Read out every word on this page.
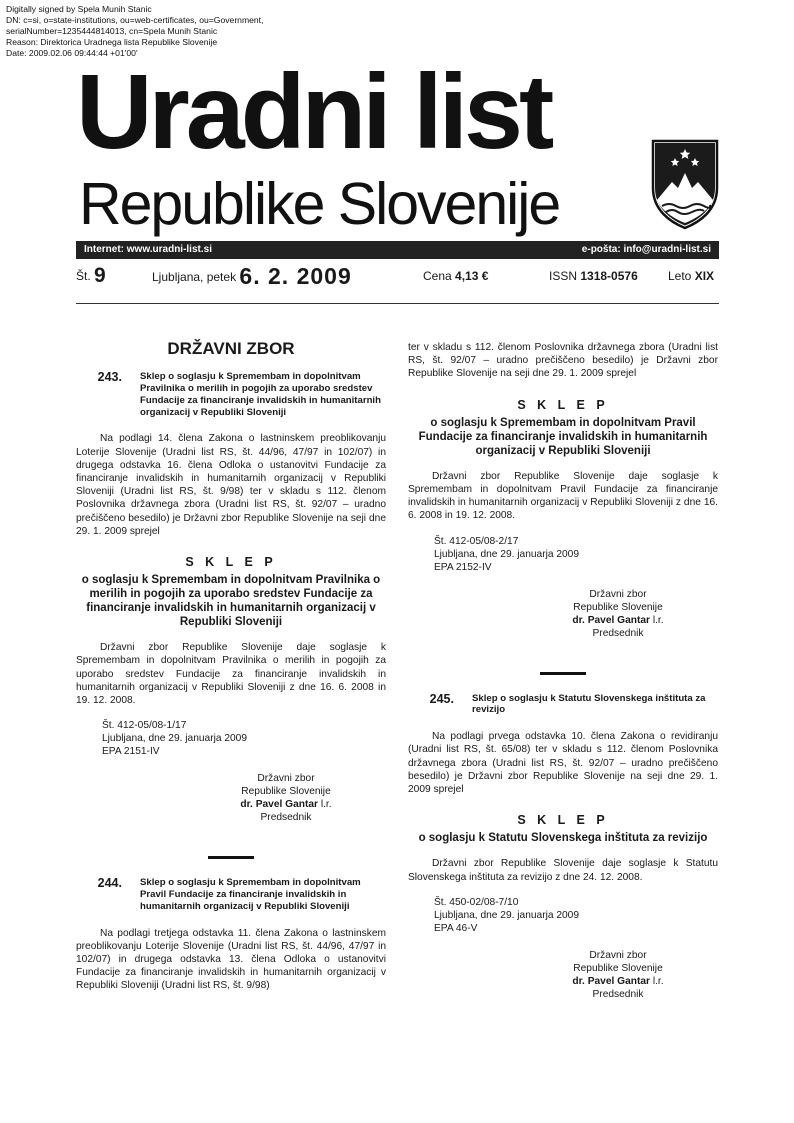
Digitally signed by Spela Munih Stanic
DN: c=si, o=state-institutions, ou=web-certificates, ou=Government,
serialNumber=1235444814013, cn=Spela Munih Stanic
Reason: Direktorica Uradnega lista Republike Slovenije
Date: 2009.02.06 09:44:44 +01'00'
Uradni list
Republike Slovenije
Internet: www.uradni-list.si	e-pošta: info@uradni-list.si
Št. 9	Ljubljana, petek 6. 2. 2009	Cena 4,13 €	ISSN 1318-0576	Leto XIX
DRŽAVNI ZBOR
243.	Sklep o soglasju k Spremembam in dopolnitvam Pravilnika o merilih in pogojih za uporabo sredstev Fundacije za financiranje invalidskih in humanitarnih organizacij v Republiki Sloveniji

Na podlagi 14. člena Zakona o lastninskem preoblikovanju Loterije Slovenije (Uradni list RS, št. 44/96, 47/97 in 102/07) in drugega odstavka 16. člena Odloka o ustanovitvi Fundacije za financiranje invalidskih in humanitarnih organizacij v Republiki Sloveniji (Uradni list RS, št. 9/98) ter v skladu s 112. členom Poslovnika državnega zbora (Uradni list RS, št. 92/07 – uradno prečiščeno besedilo) je Državni zbor Republike Slovenije na seji dne 29. 1. 2009 sprejel

S K L E P
o soglasju k Spremembam in dopolnitvam Pravilnika o merilih in pogojih za uporabo sredstev Fundacije za financiranje invalidskih in humanitarnih organizacij v Republiki Sloveniji

Državni zbor Republike Slovenije daje soglasje k Spremembam in dopolnitvam Pravilnika o merilih in pogojih za uporabo sredstev Fundacije za financiranje invalidskih in humanitarnih organizacij v Republiki Sloveniji z dne 16. 6. 2008 in 19. 12. 2008.

Št. 412-05/08-1/17
Ljubljana, dne 29. januarja 2009
EPA 2151-IV
Državni zbor
Republike Slovenije
dr. Pavel Gantar l.r.
Predsednik
244.	Sklep o soglasju k Spremembam in dopolnitvam Pravil Fundacije za financiranje invalidskih in humanitarnih organizacij v Republiki Sloveniji

Na podlagi tretjega odstavka 11. člena Zakona o lastninskem preoblikovanju Loterije Slovenije (Uradni list RS, št. 44/96, 47/97 in 102/07) in drugega odstavka 13. člena Odloka o ustanovitvi Fundacije za financiranje invalidskih in humanitarnih organizacij v Republiki Sloveniji (Uradni list RS, št. 9/98)

ter v skladu s 112. členom Poslovnika državnega zbora (Uradni list RS, št. 92/07 – uradno prečiščeno besedilo) je Državni zbor Republike Slovenije na seji dne 29. 1. 2009 sprejel

S K L E P
o soglasju k Spremembam in dopolnitvam Pravil Fundacije za financiranje invalidskih in humanitarnih organizacij v Republiki Sloveniji

Državni zbor Republike Slovenije daje soglasje k Spremembam in dopolnitvam Pravil Fundacije za financiranje invalidskih in humanitarnih organizacij v Republiki Sloveniji z dne 16. 6. 2008 in 19. 12. 2008.

Št. 412-05/08-2/17
Ljubljana, dne 29. januarja 2009
EPA 2152-IV
Državni zbor
Republike Slovenije
dr. Pavel Gantar l.r.
Predsednik
245.	Sklep o soglasju k Statutu Slovenskega inštituta za revizijo

Na podlagi prvega odstavka 10. člena Zakona o revidiranju (Uradni list RS, št. 65/08) ter v skladu s 112. členom Poslovnika državnega zbora (Uradni list RS, št. 92/07 – uradno prečiščeno besedilo) je Državni zbor Republike Slovenije na seji dne 29. 1. 2009 sprejel

S K L E P
o soglasju k Statutu Slovenskega inštituta za revizijo

Državni zbor Republike Slovenije daje soglasje k Statutu Slovenskega inštituta za revizijo z dne 24. 12. 2008.

Št. 450-02/08-7/10
Ljubljana, dne 29. januarja 2009
EPA 46-V
Državni zbor
Republike Slovenije
dr. Pavel Gantar l.r.
Predsednik
